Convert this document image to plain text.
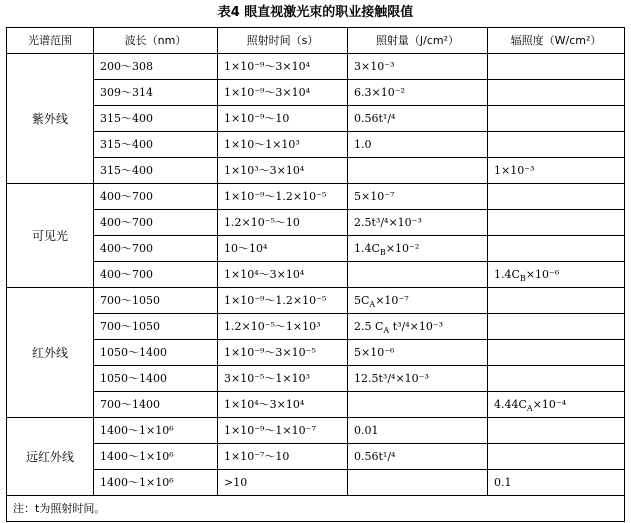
表4 眼直视激光束的职业接触限值
光谱范围	波长（nm）	照射时间（s）	照射量（J/cm²）	辐照度（W/cm²）
紫外线	200～308	1×10⁻⁹～3×10⁴	3×10⁻³	
	309～314	1×10⁻⁹～3×10⁴	6.3×10⁻²	
	315～400	1×10⁻⁹～10	0.56t¹/⁴	
	315～400	1×10～1×10³	1.0	
	315～400	1×10³～3×10⁴		1×10⁻³
可见光	400～700	1×10⁻⁹～1.2×10⁻⁵	5×10⁻⁷	
	400～700	1.2×10⁻⁵～10	2.5t³/⁴×10⁻³	
	400～700	10～10⁴	$1.4C_B\times 10^{-2}$	
	400～700	1×10⁴～3×10⁴		$1.4C_B\times 10^{-6}$
红外线	700～1050	1×10⁻⁹～1.2×10⁻⁵	$5C_A\times 10^{-7}$	
	700～1050	1.2×10⁻⁵～1×10³	2.5 $C_A$ t³/⁴×10⁻³	
	1050～1400	1×10⁻⁹～3×10⁻⁵	5×10⁻⁶	
	1050～1400	3×10⁻⁵～1×10³	12.5t³/⁴×10⁻³	
	700～1400	1×10⁴～3×10⁴		$4.44C_A\times 10^{-4}$
远红外线	1400～1×10⁶	1×10⁻⁹～1×10⁻⁷	0.01	
	1400～1×10⁶	1×10⁻⁷～10	0.56t¹/⁴	
	1400～1×10⁶	>10		0.1
注：t为照射时间。				
